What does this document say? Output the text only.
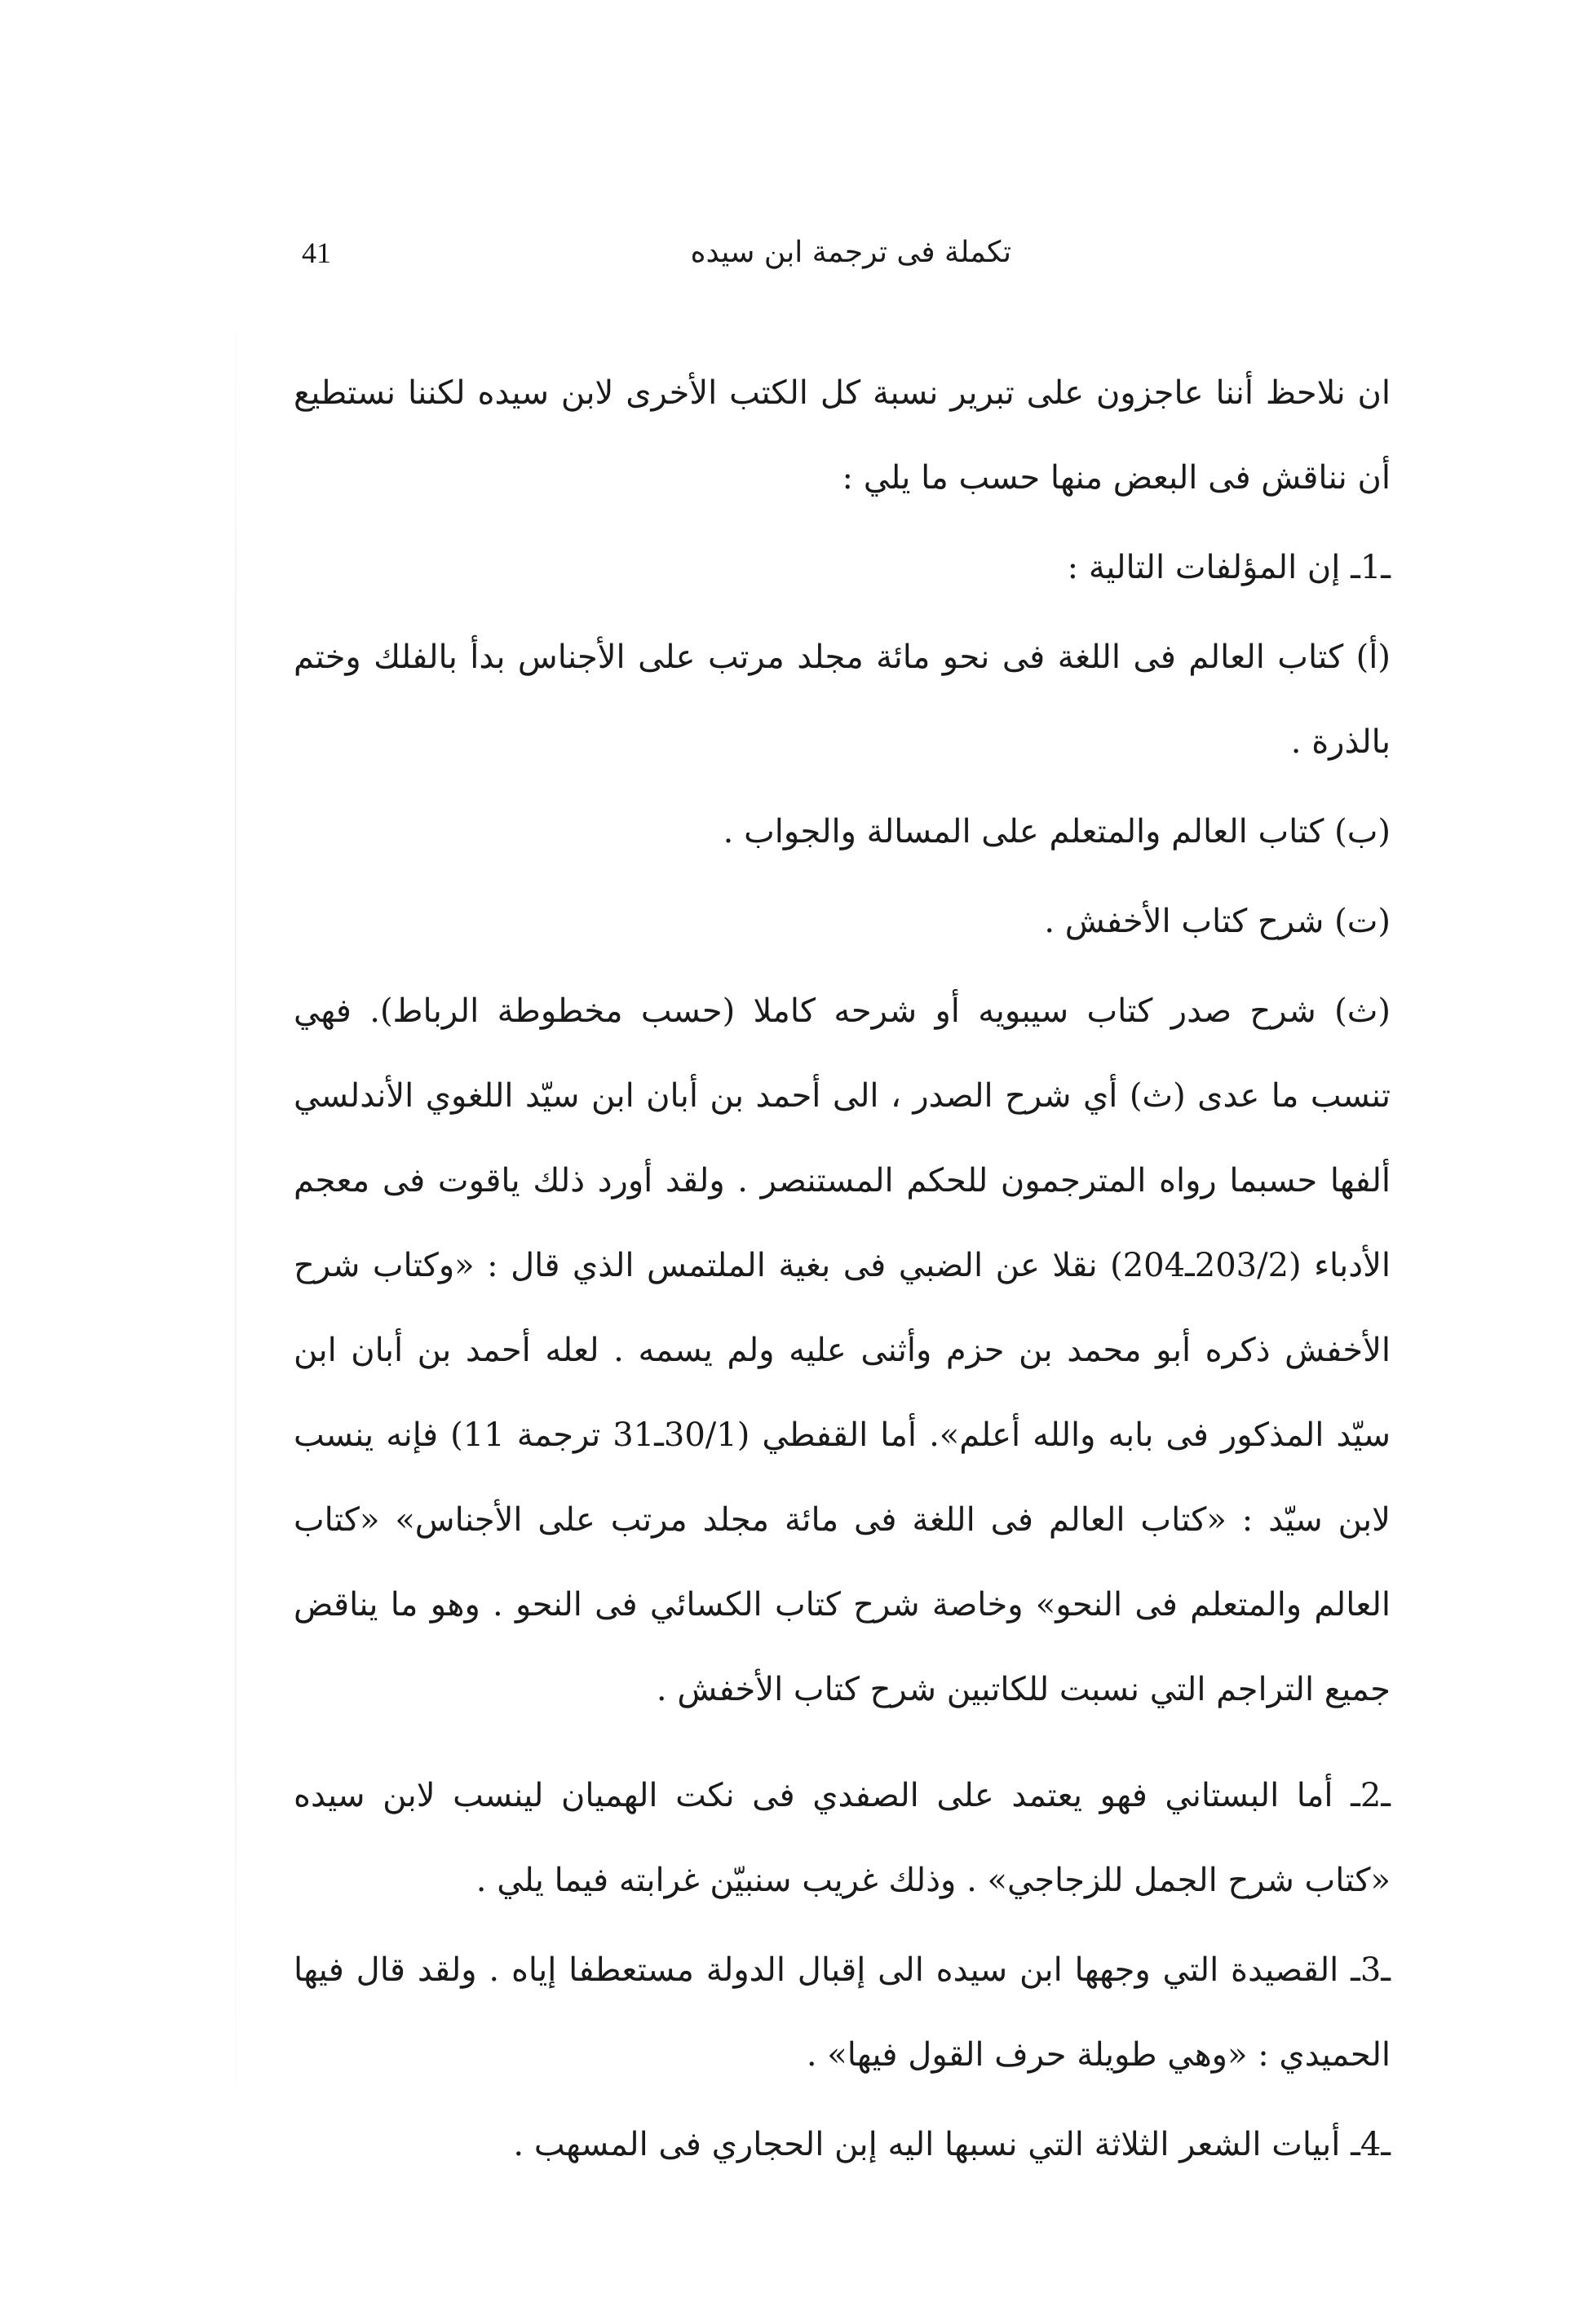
41	تكملة فى ترجمة ابن سيده

ان نلاحظ أننا عاجزون على تبرير نسبة كل الكتب الأخرى لابن سيده لكننا نستطيع أن نناقش فى البعض منها حسب ما يلي :

ـ1ـ إن المؤلفات التالية :

(أ) كتاب العالم فى اللغة فى نحو مائة مجلد مرتب على الأجناس بدأ بالفلك وختم بالذرة .

(ب) كتاب العالم والمتعلم على المسالة والجواب .

(ت) شرح كتاب الأخفش .

(ث) شرح صدر كتاب سيبويه أو شرحه كاملا (حسب مخطوطة الرباط). فهي تنسب ما عدى (ث) أي شرح الصدر ، الى أحمد بن أبان ابن سيّد اللغوي الأندلسي ألفها حسبما رواه المترجمون للحكم المستنصر . ولقد أورد ذلك ياقوت فى معجم الأدباء (203/2ـ204) نقلا عن الضبي فى بغية الملتمس الذي قال : «وكتاب شرح الأخفش ذكره أبو محمد بن حزم وأثنى عليه ولم يسمه . لعله أحمد بن أبان ابن سيّد المذكور فى بابه والله أعلم». أما القفطي (30/1ـ31 ترجمة 11) فإنه ينسب لابن سيّد : «كتاب العالم فى اللغة فى مائة مجلد مرتب على الأجناس» «كتاب العالم والمتعلم فى النحو» وخاصة شرح كتاب الكسائي فى النحو . وهو ما يناقض جميع التراجم التي نسبت للكاتبين شرح كتاب الأخفش .

ـ2ـ أما البستاني فهو يعتمد على الصفدي فى نكت الهميان لينسب لابن سيده «كتاب شرح الجمل للزجاجي» . وذلك غريب سنبيّن غرابته فيما يلي .

ـ3ـ القصيدة التي وجهها ابن سيده الى إقبال الدولة مستعطفا إياه . ولقد قال فيها الحميدي : «وهي طويلة حرف القول فيها» .

ـ4ـ أبيات الشعر الثلاثة التي نسبها اليه إبن الحجاري فى المسهب .
